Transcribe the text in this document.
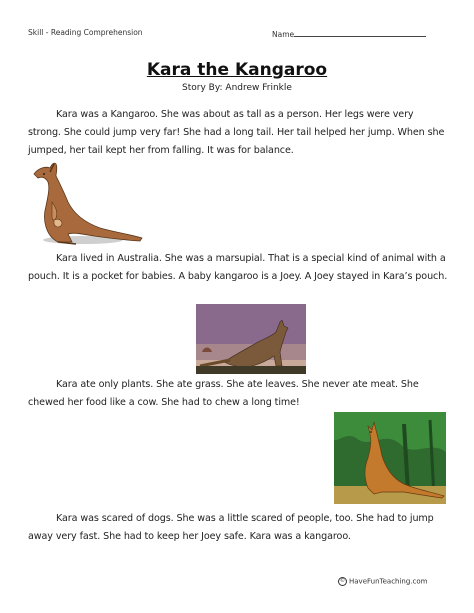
Skill - Reading Comprehension	Name
Kara the Kangaroo
Story By: Andrew Frinkle

Kara was a Kangaroo. She was about as tall as a person. Her legs were very strong. She could jump very far! She had a long tail. Her tail helped her jump. When she jumped, her tail kept her from falling. It was for balance.

Kara lived in Australia. She was a marsupial. That is a special kind of animal with a pouch. It is a pocket for babies. A baby kangaroo is a Joey. A Joey stayed in Kara’s pouch.

Kara ate only plants. She ate grass. She ate leaves. She never ate meat. She chewed her food like a cow. She had to chew a long time!

Kara was scared of dogs. She was a little scared of people, too. She had to jump away very fast. She had to keep her Joey safe. Kara was a kangaroo.

© HaveFunTeaching.com
